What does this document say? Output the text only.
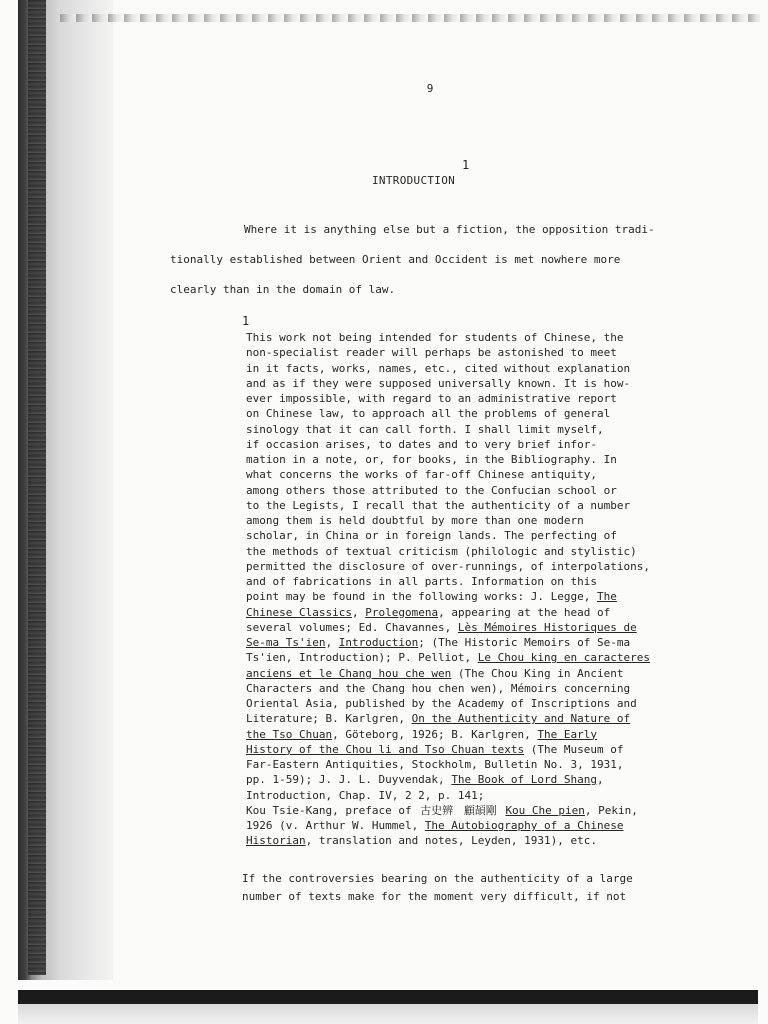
9
1
INTRODUCTION
Where it is anything else but a fiction, the opposition tradi-
tionally established between Orient and Occident is met nowhere more
clearly than in the domain of law.
1
This work not being intended for students of Chinese, the
non-specialist reader will perhaps be astonished to meet
in it facts, works, names, etc., cited without explanation
and as if they were supposed universally known. It is how-
ever impossible, with regard to an administrative report
on Chinese law, to approach all the problems of general
sinology that it can call forth. I shall limit myself,
if occasion arises, to dates and to very brief infor-
mation in a note, or, for books, in the Bibliography. In
what concerns the works of far-off Chinese antiquity,
among others those attributed to the Confucian school or
to the Legists, I recall that the authenticity of a number
among them is held doubtful by more than one modern
scholar, in China or in foreign lands. The perfecting of
the methods of textual criticism (philologic and stylistic)
permitted the disclosure of over-runnings, of interpolations,
and of fabrications in all parts. Information on this
point may be found in the following works: J. Legge, The
Chinese Classics, Prolegomena, appearing at the head of
several volumes; Ed. Chavannes, Lès Mémoires Historiques de
Se-ma Ts'ien, Introduction; (The Historic Memoirs of Se-ma
Ts'ien, Introduction); P. Pelliot, Le Chou king en caracteres
anciens et le Chang hou che wen (The Chou King in Ancient
Characters and the Chang hou chen wen), Mémoirs concerning
Oriental Asia, published by the Academy of Inscriptions and
Literature; B. Karlgren, On the Authenticity and Nature of
the Tso Chuan, Göteborg, 1926; B. Karlgren, The Early
History of the Chou li and Tso Chuan texts (The Museum of
Far-Eastern Antiquities, Stockholm, Bulletin No. 3, 1931,
pp. 1-59); J. J. L. Duyvendak, The Book of Lord Shang,
Introduction, Chap. IV, 2 2, p. 141;
Kou Tsie-Kang, preface of 古史辨 顧頡剛 Kou Che pien, Pekin,
1926 (v. Arthur W. Hummel, The Autobiography of a Chinese
Historian, translation and notes, Leyden, 1931), etc.
If the controversies bearing on the authenticity of a large
number of texts make for the moment very difficult, if not
